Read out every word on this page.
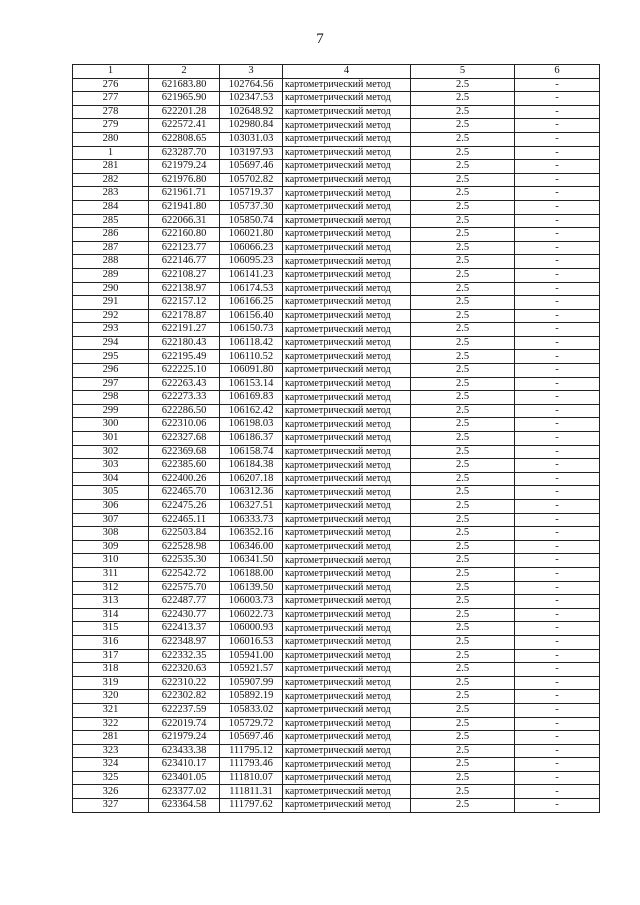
7
1	2	3	4	5	6
276	621683.80	102764.56	картометрический метод	2.5	-
277	621965.90	102347.53	картометрический метод	2.5	-
278	622201.28	102648.92	картометрический метод	2.5	-
279	622572.41	102980.84	картометрический метод	2.5	-
280	622808.65	103031.03	картометрический метод	2.5	-
1	623287.70	103197.93	картометрический метод	2.5	-
281	621979.24	105697.46	картометрический метод	2.5	-
282	621976.80	105702.82	картометрический метод	2.5	-
283	621961.71	105719.37	картометрический метод	2.5	-
284	621941.80	105737.30	картометрический метод	2.5	-
285	622066.31	105850.74	картометрический метод	2.5	-
286	622160.80	106021.80	картометрический метод	2.5	-
287	622123.77	106066.23	картометрический метод	2.5	-
288	622146.77	106095.23	картометрический метод	2.5	-
289	622108.27	106141.23	картометрический метод	2.5	-
290	622138.97	106174.53	картометрический метод	2.5	-
291	622157.12	106166.25	картометрический метод	2.5	-
292	622178.87	106156.40	картометрический метод	2.5	-
293	622191.27	106150.73	картометрический метод	2.5	-
294	622180.43	106118.42	картометрический метод	2.5	-
295	622195.49	106110.52	картометрический метод	2.5	-
296	622225.10	106091.80	картометрический метод	2.5	-
297	622263.43	106153.14	картометрический метод	2.5	-
298	622273.33	106169.83	картометрический метод	2.5	-
299	622286.50	106162.42	картометрический метод	2.5	-
300	622310.06	106198.03	картометрический метод	2.5	-
301	622327.68	106186.37	картометрический метод	2.5	-
302	622369.68	106158.74	картометрический метод	2.5	-
303	622385.60	106184.38	картометрический метод	2.5	-
304	622400.26	106207.18	картометрический метод	2.5	-
305	622465.70	106312.36	картометрический метод	2.5	-
306	622475.26	106327.51	картометрический метод	2.5	-
307	622465.11	106333.73	картометрический метод	2.5	-
308	622503.84	106352.16	картометрический метод	2.5	-
309	622528.98	106346.00	картометрический метод	2.5	-
310	622535.30	106341.50	картометрический метод	2.5	-
311	622542.72	106188.00	картометрический метод	2.5	-
312	622575.70	106139.50	картометрический метод	2.5	-
313	622487.77	106003.73	картометрический метод	2.5	-
314	622430.77	106022.73	картометрический метод	2.5	-
315	622413.37	106000.93	картометрический метод	2.5	-
316	622348.97	106016.53	картометрический метод	2.5	-
317	622332.35	105941.00	картометрический метод	2.5	-
318	622320.63	105921.57	картометрический метод	2.5	-
319	622310.22	105907.99	картометрический метод	2.5	-
320	622302.82	105892.19	картометрический метод	2.5	-
321	622237.59	105833.02	картометрический метод	2.5	-
322	622019.74	105729.72	картометрический метод	2.5	-
281	621979.24	105697.46	картометрический метод	2.5	-
323	623433.38	111795.12	картометрический метод	2.5	-
324	623410.17	111793.46	картометрический метод	2.5	-
325	623401.05	111810.07	картометрический метод	2.5	-
326	623377.02	111811.31	картометрический метод	2.5	-
327	623364.58	111797.62	картометрический метод	2.5	-
